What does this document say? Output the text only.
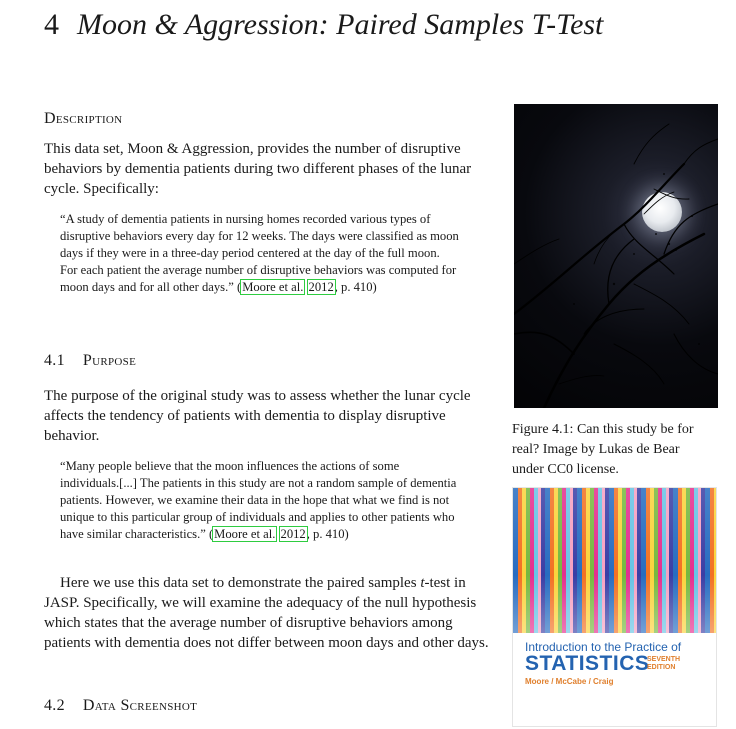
4 Moon & Aggression: Paired Samples T-Test
Description

This data set, Moon & Aggression, provides the number of disruptive behaviors by dementia patients during two different phases of the lunar cycle. Specifically:

“A study of dementia patients in nursing homes recorded various types of disruptive behaviors every day for 12 weeks. The days were classified as moon days if they were in a three-day period centered at the day of the full moon. For each patient the average number of disruptive behaviors was computed for moon days and for all other days.” (Moore et al. 2012, p. 410)

4.1 Purpose

The purpose of the original study was to assess whether the lunar cycle affects the tendency of patients with dementia to display disruptive behavior.

“Many people believe that the moon influences the actions of some individuals.[...] The patients in this study are not a random sample of dementia patients. However, we examine their data in the hope that what we find is not unique to this particular group of individuals and applies to other patients who have similar characteristics.” (Moore et al. 2012, p. 410)

Here we use this data set to demonstrate the paired samples t-test in JASP. Specifically, we will examine the adequacy of the null hypothesis which states that the average number of disruptive behaviors among patients with dementia does not differ between moon days and other days.

4.2 Data Screenshot

Figure 4.1: Can this study be for real? Image by Lukas de Bear under CC0 license.

Introduction to the Practice of
STATISTICS
SEVENTH EDITION
Moore / McCabe / Craig
